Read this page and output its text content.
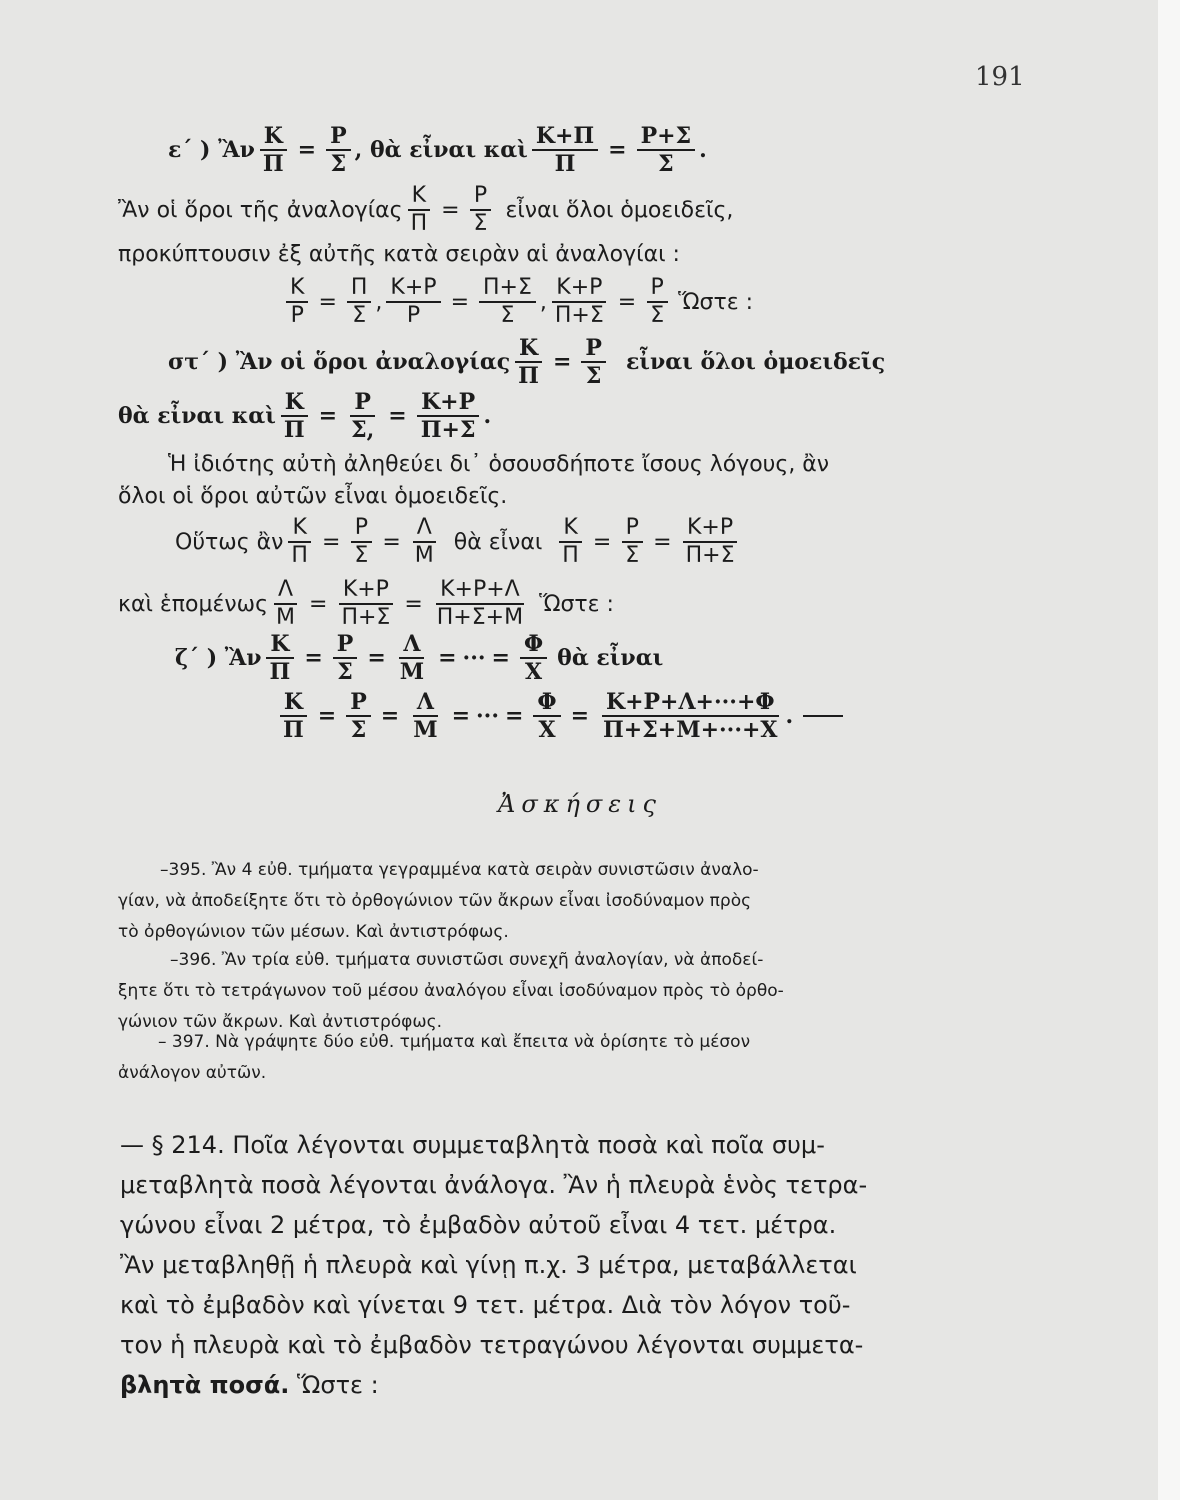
191
ε΄ ) Ἂν $\frac{K}{\Pi} = \frac{P}{\Sigma}$ , θὰ εἶναι καὶ $\frac{K+\Pi}{\Pi} = \frac{P+\Sigma}{\Sigma}$ .
Ἂν οἱ ὅροι τῆς ἀναλογίας $\frac{K}{\Pi} = \frac{P}{\Sigma}$ εἶναι ὅλοι ὁμοειδεῖς,
προκύπτουσιν ἐξ αὐτῆς κατὰ σειρὰν αἱ ἀναλογίαι :
$\frac{K}{P} = \frac{\Pi}{\Sigma}$ , $\frac{K+P}{P} = \frac{\Pi+\Sigma}{\Sigma}$ , $\frac{K+P}{\Pi+\Sigma} = \frac{P}{\Sigma}$ Ὥστε :
στ΄ ) Ἂν οἱ ὅροι ἀναλογίας $\frac{K}{\Pi} = \frac{P}{\Sigma}$ εἶναι ὅλοι ὁμοειδεῖς
θὰ εἶναι καὶ $\frac{K}{\Pi} = \frac{P}{\Sigma,} = \frac{K+P}{\Pi+\Sigma}$ .
Ἡ ἰδιότης αὐτὴ ἀληθεύει δι᾽ ὁσουσδήποτε ἴσους λόγους, ἂν
ὅλοι οἱ ὅροι αὐτῶν εἶναι ὁμοειδεῖς.
Οὕτως ἂν $\frac{K}{\Pi} = \frac{P}{\Sigma} = \frac{\Lambda}{M}$ θὰ εἶναι $\frac{K}{\Pi} = \frac{P}{\Sigma} = \frac{K+P}{\Pi+\Sigma}$
καὶ ἑπομένως $\frac{\Lambda}{M} = \frac{K+P}{\Pi+\Sigma} = \frac{K+P+\Lambda}{\Pi+\Sigma+M}$ Ὥστε :
ζ΄ ) Ἂν $\frac{K}{\Pi} = \frac{P}{\Sigma} = \frac{\Lambda}{M}$ = ··· = $\frac{\Phi}{X}$ θὰ εἶναι
$\frac{K}{\Pi} = \frac{P}{\Sigma} = \frac{\Lambda}{M}$ = ··· = $\frac{\Phi}{X} = \frac{K+P+\Lambda+\cdot\cdot\cdot+\Phi}{\Pi+\Sigma+M+\cdot\cdot\cdot+X}$ .
Ἀσκήσεις
–395. Ἂν 4 εὐθ. τμήματα γεγραμμένα κατὰ σειρὰν συνιστῶσιν ἀναλο-
γίαν, νὰ ἀποδείξητε ὅτι τὸ ὀρθογώνιον τῶν ἄκρων εἶναι ἰσοδύναμον πρὸς
τὸ ὀρθογώνιον τῶν μέσων. Καὶ ἀντιστρόφως.
–396. Ἂν τρία εὐθ. τμήματα συνιστῶσι συνεχῆ ἀναλογίαν, νὰ ἀποδεί-
ξητε ὅτι τὸ τετράγωνον τοῦ μέσου ἀναλόγου εἶναι ἰσοδύναμον πρὸς τὸ ὀρθο-
γώνιον τῶν ἄκρων. Καὶ ἀντιστρόφως.
– 397. Νὰ γράψητε δύο εὐθ. τμήματα καὶ ἔπειτα νὰ ὁρίσητε τὸ μέσον
ἀνάλογον αὐτῶν.
— § 214. Ποῖα λέγονται συμμεταβλητὰ ποσὰ καὶ ποῖα συμ-
μεταβλητὰ ποσὰ λέγονται ἀνάλογα. Ἂν ἡ πλευρὰ ἑνὸς τετρα-
γώνου εἶναι 2 μέτρα, τὸ ἐμβαδὸν αὐτοῦ εἶναι 4 τετ. μέτρα.
Ἂν μεταβληθῇ ἡ πλευρὰ καὶ γίνῃ π.χ. 3 μέτρα, μεταβάλλεται
καὶ τὸ ἐμβαδὸν καὶ γίνεται 9 τετ. μέτρα. Διὰ τὸν λόγον τοῦ-
τον ἡ πλευρὰ καὶ τὸ ἐμβαδὸν τετραγώνου λέγονται συμμετα-
βλητὰ ποσά. Ὥστε :
